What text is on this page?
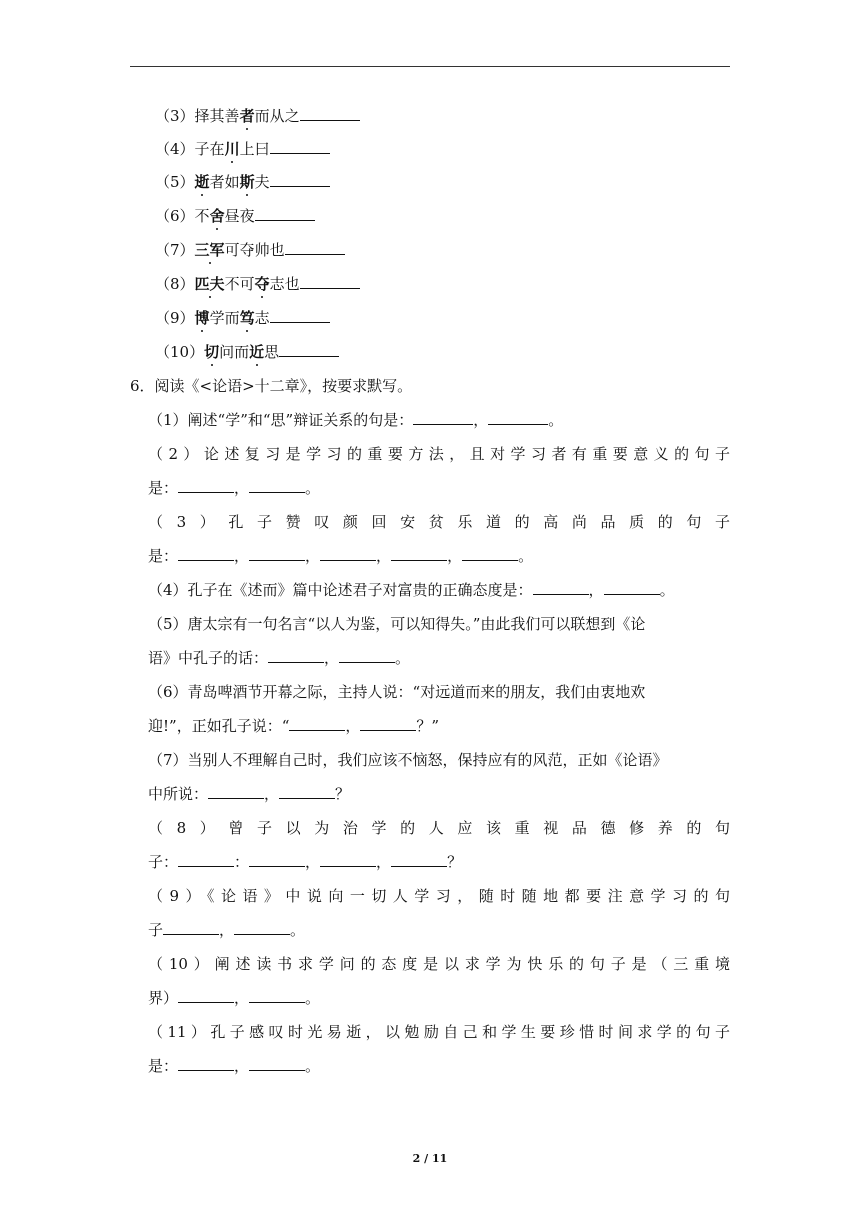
（3）择其善者而从之
（4）子在川上曰
（5）逝者如斯夫
（6）不舍昼夜
（7）三军可夺帅也
（8）匹夫不可夺志也
（9）博学而笃志
（10）切问而近思
6．阅读《<论语>十二章》，按要求默写。
（1）阐述“学”和“思”辩证关系的句是：	，	。
（2）论述复习是学习的重要方法，且对学习者有重要意义的句子
是：	，	。
（3）孔子赞叹颜回安贫乐道的高尚品质的句子
是：	，	，	，	，	。
（4）孔子在《述而》篇中论述君子对富贵的正确态度是：	，	。
（5）唐太宗有一句名言“以人为鉴，可以知得失。”由此我们可以联想到《论
语》中孔子的话：	，	。
（6）青岛啤酒节开幕之际，主持人说：“对远道而来的朋友，我们由衷地欢
迎!”，正如孔子说：“	，	？”
（7）当别人不理解自己时，我们应该不恼怒，保持应有的风范，正如《论语》
中所说：	，	？
（8）曾子以为治学的人应该重视品德修养的句
子：	：	，	，	？
（9）《论语》中说向一切人学习，随时随地都要注意学习的句
子	，	。
（10）阐述读书求学问的态度是以求学为快乐的句子是（三重境
界）	，	。
（11）孔子感叹时光易逝，以勉励自己和学生要珍惜时间求学的句子
是：	，	。
2 / 11
